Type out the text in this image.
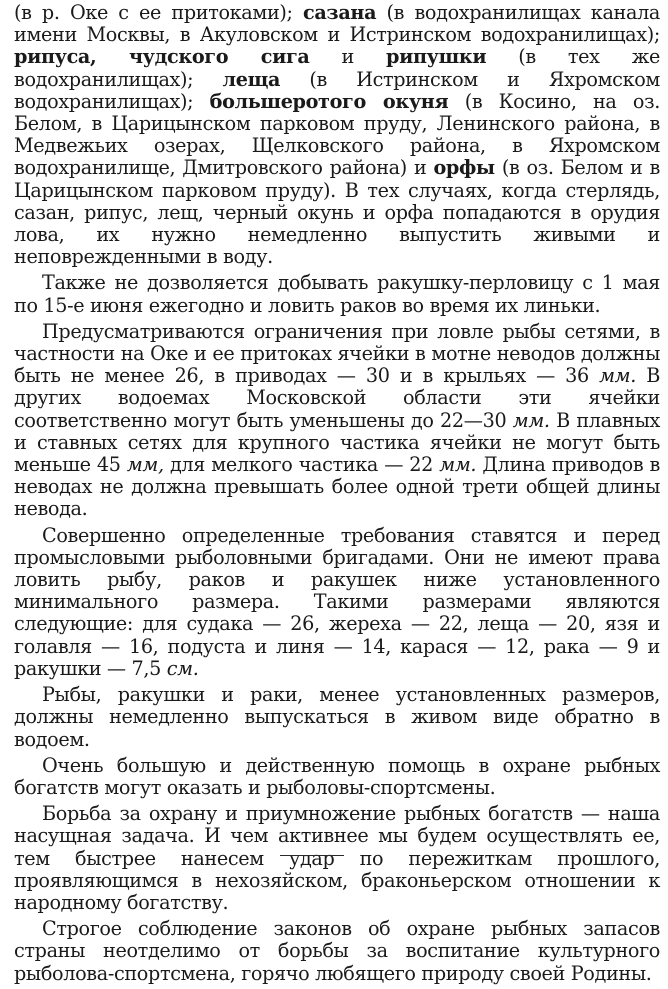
(в р. Оке с ее притоками); сазана (в водохранилищах канала имени Москвы, в Акуловском и Истринском водохранилищах); рипуса, чудского сига и рипушки (в тех же водохранилищах); леща (в Истринском и Яхромском водохранилищах); большеротого окуня (в Косино, на оз. Белом, в Царицынском парковом пруду, Ленинского района, в Медвежьих озерах, Щелковского района, в Яхромском водохранилище, Дмитровского района) и орфы (в оз. Белом и в Царицынском парковом пруду). В тех случаях, когда стерлядь, сазан, рипус, лещ, черный окунь и орфа попадаются в орудия лова, их нужно немедленно выпустить живыми и неповрежденными в воду.

Также не дозволяется добывать ракушку-перловицу с 1 мая по 15-е июня ежегодно и ловить раков во время их линьки.

Предусматриваются ограничения при ловле рыбы сетями, в частности на Оке и ее притоках ячейки в мотне неводов должны быть не менее 26, в приводах — 30 и в крыльях — 36 мм. В других водоемах Московской области эти ячейки соответственно могут быть уменьшены до 22—30 мм. В плавных и ставных сетях для крупного частика ячейки не могут быть меньше 45 мм, для мелкого частика — 22 мм. Длина приводов в неводах не должна превышать более одной трети общей длины невода.

Совершенно определенные требования ставятся и перед промысловыми рыболовными бригадами. Они не имеют права ловить рыбу, раков и ракушек ниже установленного минимального размера. Такими размерами являются следующие: для судака — 26, жереха — 22, леща — 20, язя и голавля — 16, подуста и линя — 14, карася — 12, рака — 9 и ракушки — 7,5 см.

Рыбы, ракушки и раки, менее установленных размеров, должны немедленно выпускаться в живом виде обратно в водоем.

Очень большую и действенную помощь в охране рыбных богатств могут оказать и рыболовы-спортсмены.

Борьба за охрану и приумножение рыбных богатств — наша насущная задача. И чем активнее мы будем осуществлять ее, тем быстрее нанесем удар по пережиткам прошлого, проявляющимся в нехозяйском, браконьерском отношении к народному богатству.

Строгое соблюдение законов об охране рыбных запасов страны неотделимо от борьбы за воспитание культурного рыболова-спортсмена, горячо любящего природу своей Родины.
